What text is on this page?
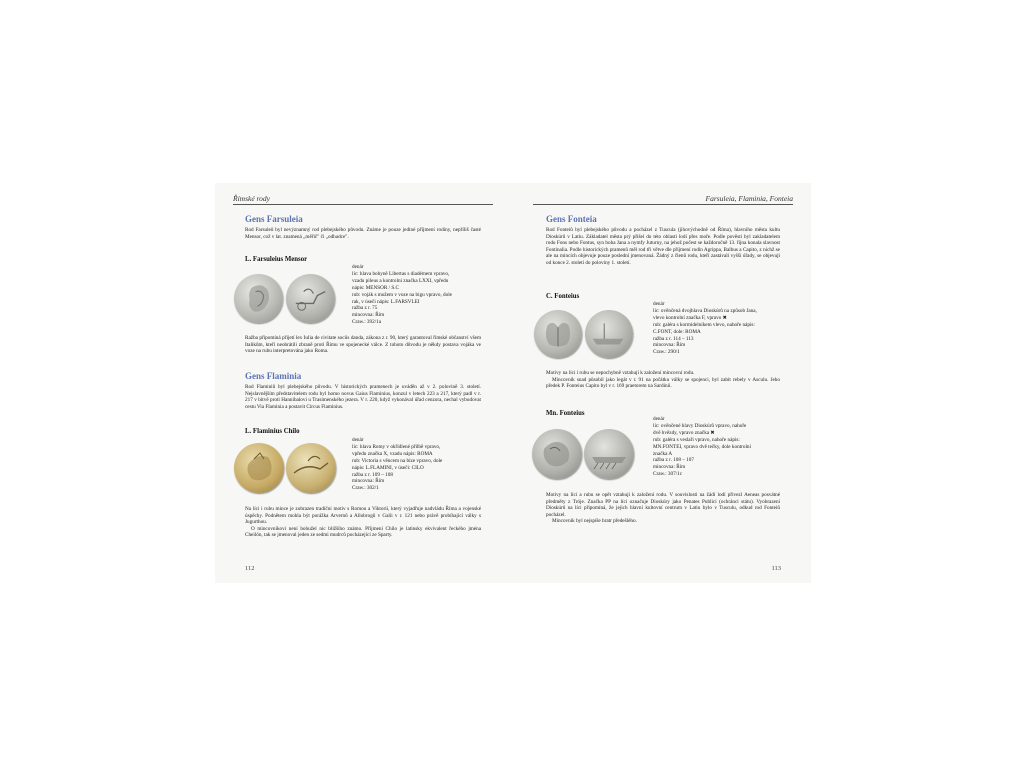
Římské rody
Gens Farsuleia
Rod Farsuleů byl nevýznamný rod plebejského původu. Známe je pouze jediné příjmení rodiny, nepříliš časté Mensor, což v lat. znamená „měřič" či „odhadce".
L. Farsuleius Mensor
denár
líc: hlava bohyně Libertas s diadémem vpravo,
vzadu pileus a kontrolní značka LXXI, vpředu
nápis: MENSOR / S.C
rub: voják s mužem v voze na bigu vpravo, dole
rak, v úseči nápis: L.FARSVLEI
ražba z r. 75
mincovna: Řím
Craw.: 392/1a
Ražba připomíná přijetí lex Iulia de civitate sociis danda, zákona z r. 90, který garantoval římské občanství všem Italikům, kteří neobrátili zbraně proti Římu ve spojenecké válce. Z tohoto důvodu je někdy postava vojáka ve voze na rubu interpretována jako Roma.
Gens Flaminia
Rod Flaminiů byl plebejského původu. V historických pramenech je uváděn až v 2. polovině 3. století. Nejslavnějším představitelem rodu byl homo novus Gaius Flaminius, konzul v letech 223 a 217, který padl v r. 217 v bitvě proti Hannibalovi u Trasimenského jezera. V r. 220, když vykonával úřad cenzora, nechal vybudovat cestu Via Flaminia a postavit Circus Flaminius.
L. Flaminius Chilo
denár
líc: hlava Romy v okřídlené přilbě vpravo,
vpředu značka X, vzadu nápis: ROMA
rub: Victoria s věncem na bize vpravo, dole
nápis: L.FLAMINI, v úseči: CILO
ražba z r. 109 – 108
mincovna: Řím
Craw.: 302/1

Na líci i rubu mince je zobrazen tradiční motiv s Romou a Viktorií, který vyjadřuje nadvládu Říma a vojenské úspěchy. Podnětem mohla být porážka Arvernů a Allobrogů v Galii v r. 121 nebo právě probíhající války s Jugurthou.

O mincovníkovi není bohužel nic bližšího známo. Příjmení Chilo je latinsky ekvivalent řeckého jména Cheilón, tak se jmenoval jeden ze sedmi mudrců pocházející ze Sparty.

112
Farsuleia, Flaminia, Fonteia
Gens Fonteia
Rod Fonteiů byl plebejského původu a pocházel z Tuscula (jihovýchodně od Říma), hlavního města kultu Dioskúrů v Latiu. Základatel města prý přišel do této oblasti lodí přes moře. Podle pověsti byl zakladatelem rodu Fons nebo Fontus, syn boha Jana a nymfy Juturny, na jehož počest se každoročně 13. října konala slavnost Fontinalia. Podle historických pramenů měl rod tři větve dle příjmení rodin Agrippa, Balbus a Capito, z nichž se ale na mincích objevuje pouze poslední jmenovaná. Žádný z členů rodu, kteří zastávali vyšší úřady, se objevují od konce 2. století do poloviny 1. století.
C. Fonteius
denár
líc: ověnčená dvojhlava Dioskúrů na způsob Jana,
vlevo kontrolní značka F, vpravo ✖
rub: galéra s kormidelníkem vlevo, nahoře nápis:
C.FONT, dole: ROMA
ražba z r. 114 – 113
mincovna: Řím
Craw.: 290/1

Motivy na líci i rubu se nepochybně vztahují k založení mincovní rodu.

Mincovník snad působil jako legát v r. 91 na počátku války se spojenci, byl zabit rebely v Asculu. Jeho předek P. Fonteius Capito byl v r. 169 praetorem na Sardinii.

Mn. Fonteius
denár
líc: ověnčené hlavy Dioskúrů vpravo, nahoře
dvě hvězdy, vpravo značka ✖
rub: galéra s veslaři vpravo, nahoře nápis:
MN.FONTEI, vpravo dvě tečky, dole kontrolní
značka A
ražba z r. 108 – 107
mincovna: Řím
Craw.: 307/1c

Motivy na líci a rubu se opět vztahují k založení rodu. V souvislosti na žádí lodí přivezl Aeneas posvátné předměty z Tróje. Značka PP na líci označuje Dioskúry jako Penates Publici (ochránci státu). Vyobrazení Dioskúrů na líci připomíná, že jejich hlavní kultovní centrum v Latiu bylo v Tusculu, odkud rod Fonteiů pocházel.

Mincovník byl nejspíše bratr předešlého.

113
